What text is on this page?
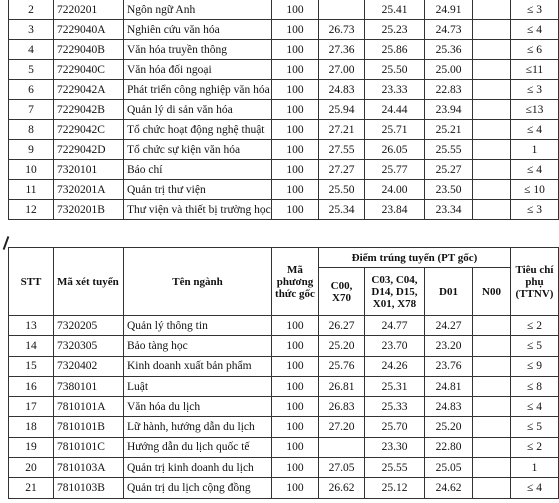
2	7220201	Ngôn ngữ Anh	100		25.41	24.91		≤ 3
3	7229040A	Nghiên cứu văn hóa	100	26.73	25.23	24.73		≤ 4
4	7229040B	Văn hóa truyền thông	100	27.36	25.86	25.36		≤ 6
5	7229040C	Văn hóa đối ngoại	100	27.00	25.50	25.00		≤11
6	7229042A	Phát triển công nghiệp văn hóa	100	24.83	23.33	22.83		≤ 3
7	7229042B	Quản lý di sản văn hóa	100	25.94	24.44	23.94		≤13
8	7229042C	Tổ chức hoạt động nghệ thuật	100	27.21	25.71	25.21		≤ 4
9	7229042D	Tổ chức sự kiện văn hóa	100	27.55	26.05	25.55		1
10	7320101	Báo chí	100	27.27	25.77	25.27		≤ 4
11	7320201A	Quản trị thư viện	100	25.50	24.00	23.50		≤ 10
12	7320201B	Thư viện và thiết bị trường học	100	25.34	23.84	23.34		≤ 3
STT	Mã xét tuyển	Tên ngành	Mã phương thức gốc	Điểm trúng tuyển (PT gốc)				Tiêu chí phụ (TTNV)
				C00, X70	C03, C04, D14, D15, X01, X78	D01	N00	
13	7320205	Quản lý thông tin	100	26.27	24.77	24.27		≤ 2
14	7320305	Bảo tàng học	100	25.20	23.70	23.20		≤ 5
15	7320402	Kinh doanh xuất bản phẩm	100	25.76	24.26	23.76		≤ 9
16	7380101	Luật	100	26.81	25.31	24.81		≤ 8
17	7810101A	Văn hóa du lịch	100	26.83	25.33	24.83		≤ 4
18	7810101B	Lữ hành, hướng dẫn du lịch	100	27.20	25.70	25.20		≤ 5
19	7810101C	Hướng dẫn du lịch quốc tế	100		23.30	22.80		≤ 2
20	7810103A	Quản trị kinh doanh du lịch	100	27.05	25.55	25.05		1
21	7810103B	Quản trị du lịch cộng đồng	100	26.62	25.12	24.62		≤ 4
